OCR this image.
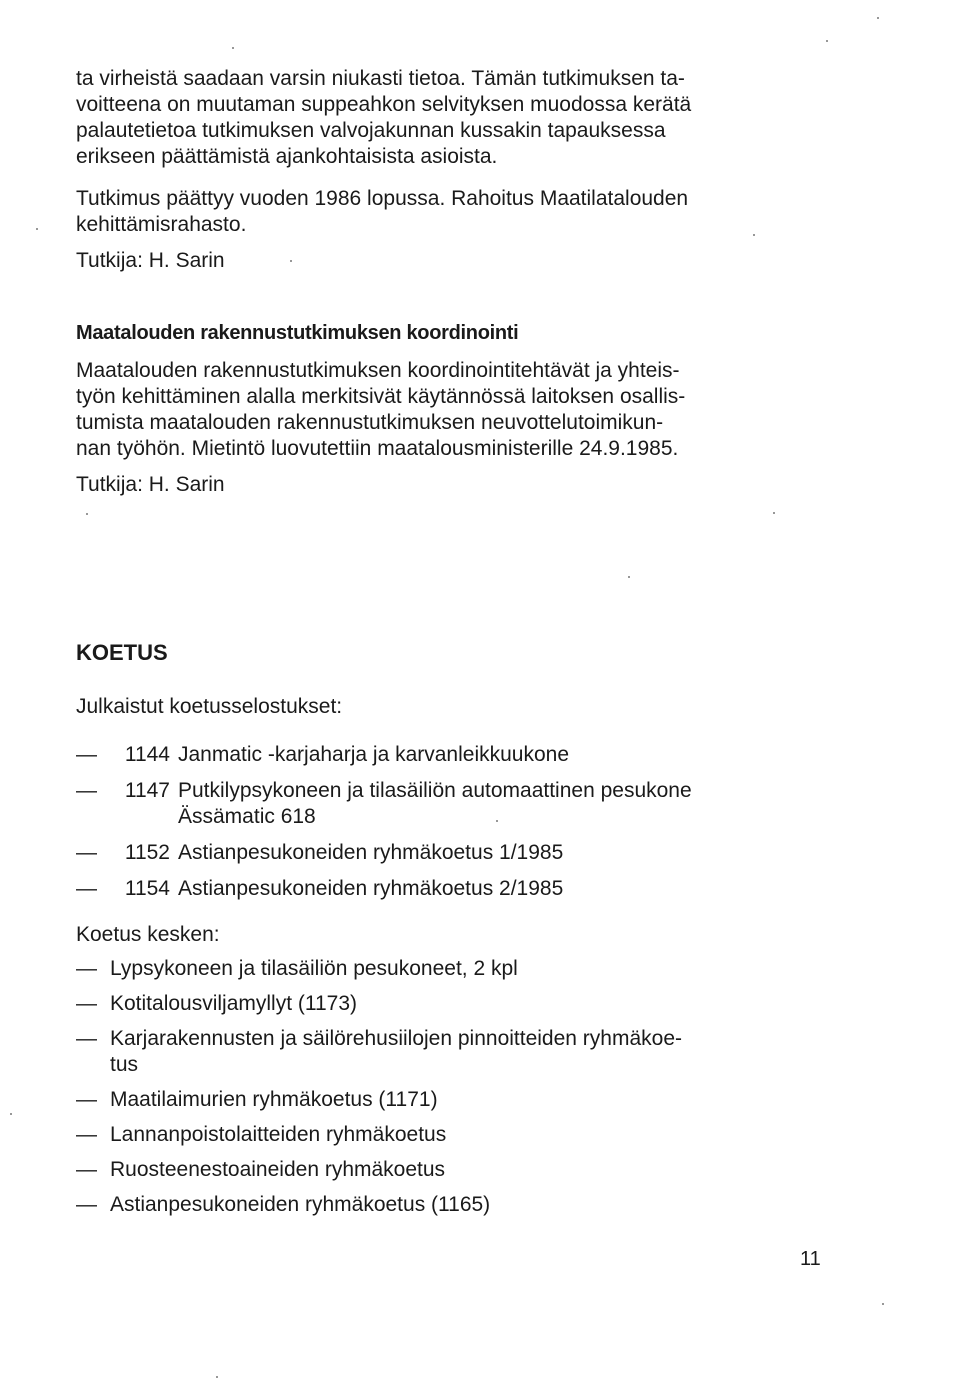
ta virheistä saadaan varsin niukasti tietoa. Tämän tutkimuksen ta-

voitteena on muutaman suppeahkon selvityksen muodossa kerätä

palautetietoa tutkimuksen valvojakunnan kussakin tapauksessa

erikseen päättämistä ajankohtaisista asioista.

Tutkimus päättyy vuoden 1986 lopussa. Rahoitus Maatilatalouden

kehittämisrahasto.

Tutkija: H. Sarin

Maatalouden rakennustutkimuksen koordinointi

Maatalouden rakennustutkimuksen koordinointitehtävät ja yhteis-

työn kehittäminen alalla merkitsivät käytännössä laitoksen osallis-

tumista maatalouden rakennustutkimuksen neuvottelutoimikun-

nan työhön. Mietintö luovutettiin maatalousministerille 24.9.1985.

Tutkija: H. Sarin

KOETUS
Julkaistut koetusselostukset:
—	1144 Janmatic -karjaharja ja karvanleikkuukone
—	1147 Putkilypsykoneen ja tilasäiliön automaattinen pesukone
Ässämatic 618
—	1152 Astianpesukoneiden ryhmäkoetus 1/1985
—	1154 Astianpesukoneiden ryhmäkoetus 2/1985
Koetus kesken:
— Lypsykoneen ja tilasäiliön pesukoneet, 2 kpl
— Kotitalousviljamyllyt (1173)
— Karjarakennusten ja säilörehusiilojen pinnoitteiden ryhmäkoe-
tus
— Maatilaimurien ryhmäkoetus (1171)
— Lannanpoistolaitteiden ryhmäkoetus
— Ruosteenestoaineiden ryhmäkoetus
— Astianpesukoneiden ryhmäkoetus (1165)
11
